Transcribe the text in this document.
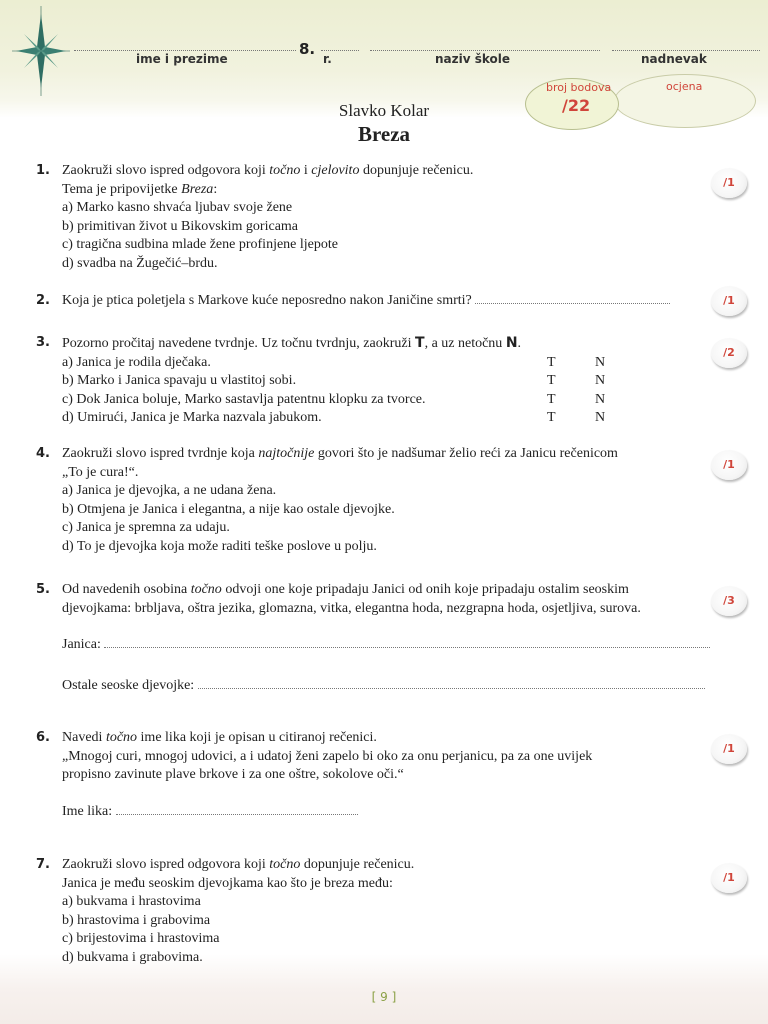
8.
ime i prezime	r.	naziv škole	nadnevak
broj bodova	ocjena
/22
Slavko Kolar
Breza
1. Zaokruži slovo ispred odgovora koji točno i cjelovito dopunjuje rečenicu.
Tema je pripovijetke Breza:
a) Marko kasno shvaća ljubav svoje žene
b) primitivan život u Bikovskim goricama
c) tragična sudbina mlade žene profinjene ljepote
d) svadba na Žugečić–brdu.
/1
2. Koja je ptica poletjela s Markove kuće neposredno nakon Janičine smrti?	/1
3. Pozorno pročitaj navedene tvrdnje. Uz točnu tvrdnju, zaokruži T, a uz netočnu N.
a) Janica je rodila dječaka.	T	N
b) Marko i Janica spavaju u vlastitoj sobi.	T	N
c) Dok Janica boluje, Marko sastavlja patentnu klopku za tvorce.	T	N
d) Umirući, Janica je Marka nazvala jabukom.	T	N
/2
4. Zaokruži slovo ispred tvrdnje koja najtočnije govori što je nadšumar želio reći za Janicu rečenicom
„To je cura!“.
a) Janica je djevojka, a ne udana žena.
b) Otmjena je Janica i elegantna, a nije kao ostale djevojke.
c) Janica je spremna za udaju.
d) To je djevojka koja može raditi teške poslove u polju.
/1
5. Od navedenih osobina točno odvoji one koje pripadaju Janici od onih koje pripadaju ostalim seoskim
djevojkama: brbljava, oštra jezika, glomazna, vitka, elegantna hoda, nezgrapna hoda, osjetljiva, surova.
Janica:
Ostale seoske djevojke:
/3
6. Navedi točno ime lika koji je opisan u citiranoj rečenici.
„Mnogoj curi, mnogoj udovici, a i udatoj ženi zapelo bi oko za onu perjanicu, pa za one uvijek
propisno zavinute plave brkove i za one oštre, sokolove oči.“
Ime lika:
/1
7. Zaokruži slovo ispred odgovora koji točno dopunjuje rečenicu.
Janica je među seoskim djevojkama kao što je breza među:
a) bukvama i hrastovima
b) hrastovima i grabovima
c) brijestovima i hrastovima
d) bukvama i grabovima.
/1
[ 9 ]
